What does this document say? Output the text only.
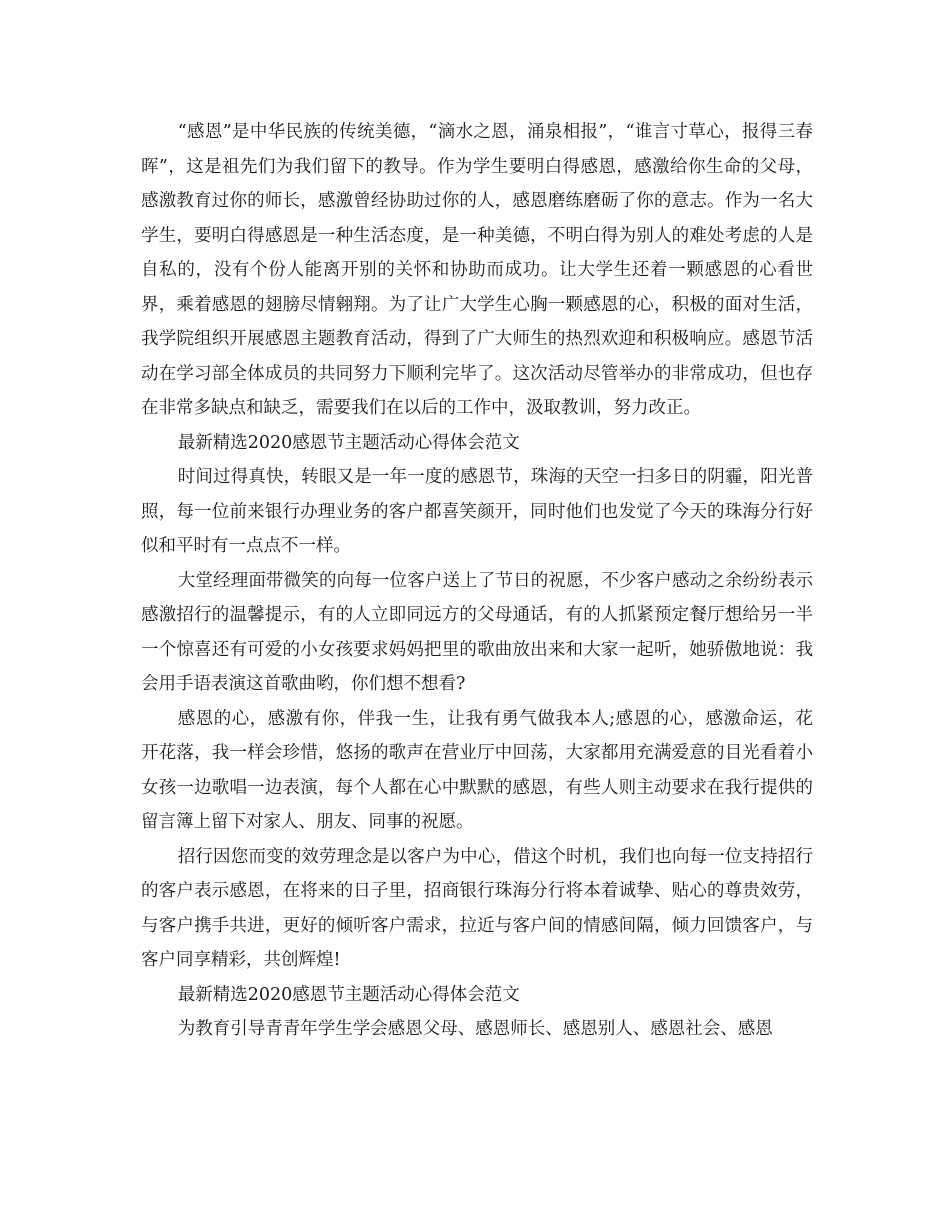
“感恩”是中华民族的传统美德，“滴水之恩，涌泉相报”，“谁言寸草心，报得三春晖”，这是祖先们为我们留下的教导。作为学生要明白得感恩，感激给你生命的父母，感激教育过你的师长，感激曾经协助过你的人，感恩磨练磨砺了你的意志。作为一名大学生，要明白得感恩是一种生活态度，是一种美德，不明白得为别人的难处考虑的人是自私的，没有个份人能离开别的关怀和协助而成功。让大学生还着一颗感恩的心看世界，乘着感恩的翅膀尽情翱翔。为了让广大学生心胸一颗感恩的心，积极的面对生活，我学院组织开展感恩主题教育活动，得到了广大师生的热烈欢迎和积极响应。感恩节活动在学习部全体成员的共同努力下顺利完毕了。这次活动尽管举办的非常成功，但也存在非常多缺点和缺乏，需要我们在以后的工作中，汲取教训，努力改正。

最新精选2020感恩节主题活动心得体会范文

时间过得真快，转眼又是一年一度的感恩节，珠海的天空一扫多日的阴霾，阳光普照，每一位前来银行办理业务的客户都喜笑颜开，同时他们也发觉了今天的珠海分行好似和平时有一点点不一样。

大堂经理面带微笑的向每一位客户送上了节日的祝愿，不少客户感动之余纷纷表示感激招行的温馨提示，有的人立即同远方的父母通话，有的人抓紧预定餐厅想给另一半一个惊喜还有可爱的小女孩要求妈妈把里的歌曲放出来和大家一起听，她骄傲地说：我会用手语表演这首歌曲哟，你们想不想看?

感恩的心，感激有你，伴我一生，让我有勇气做我本人;感恩的心，感激命运，花开花落，我一样会珍惜，悠扬的歌声在营业厅中回荡，大家都用充满爱意的目光看着小女孩一边歌唱一边表演，每个人都在心中默默的感恩，有些人则主动要求在我行提供的留言簿上留下对家人、朋友、同事的祝愿。

招行因您而变的效劳理念是以客户为中心，借这个时机，我们也向每一位支持招行的客户表示感恩，在将来的日子里，招商银行珠海分行将本着诚挚、贴心的尊贵效劳，与客户携手共进，更好的倾听客户需求，拉近与客户间的情感间隔，倾力回馈客户，与客户同享精彩，共创辉煌!

最新精选2020感恩节主题活动心得体会范文

为教育引导青青年学生学会感恩父母、感恩师长、感恩别人、感恩社会、感恩
